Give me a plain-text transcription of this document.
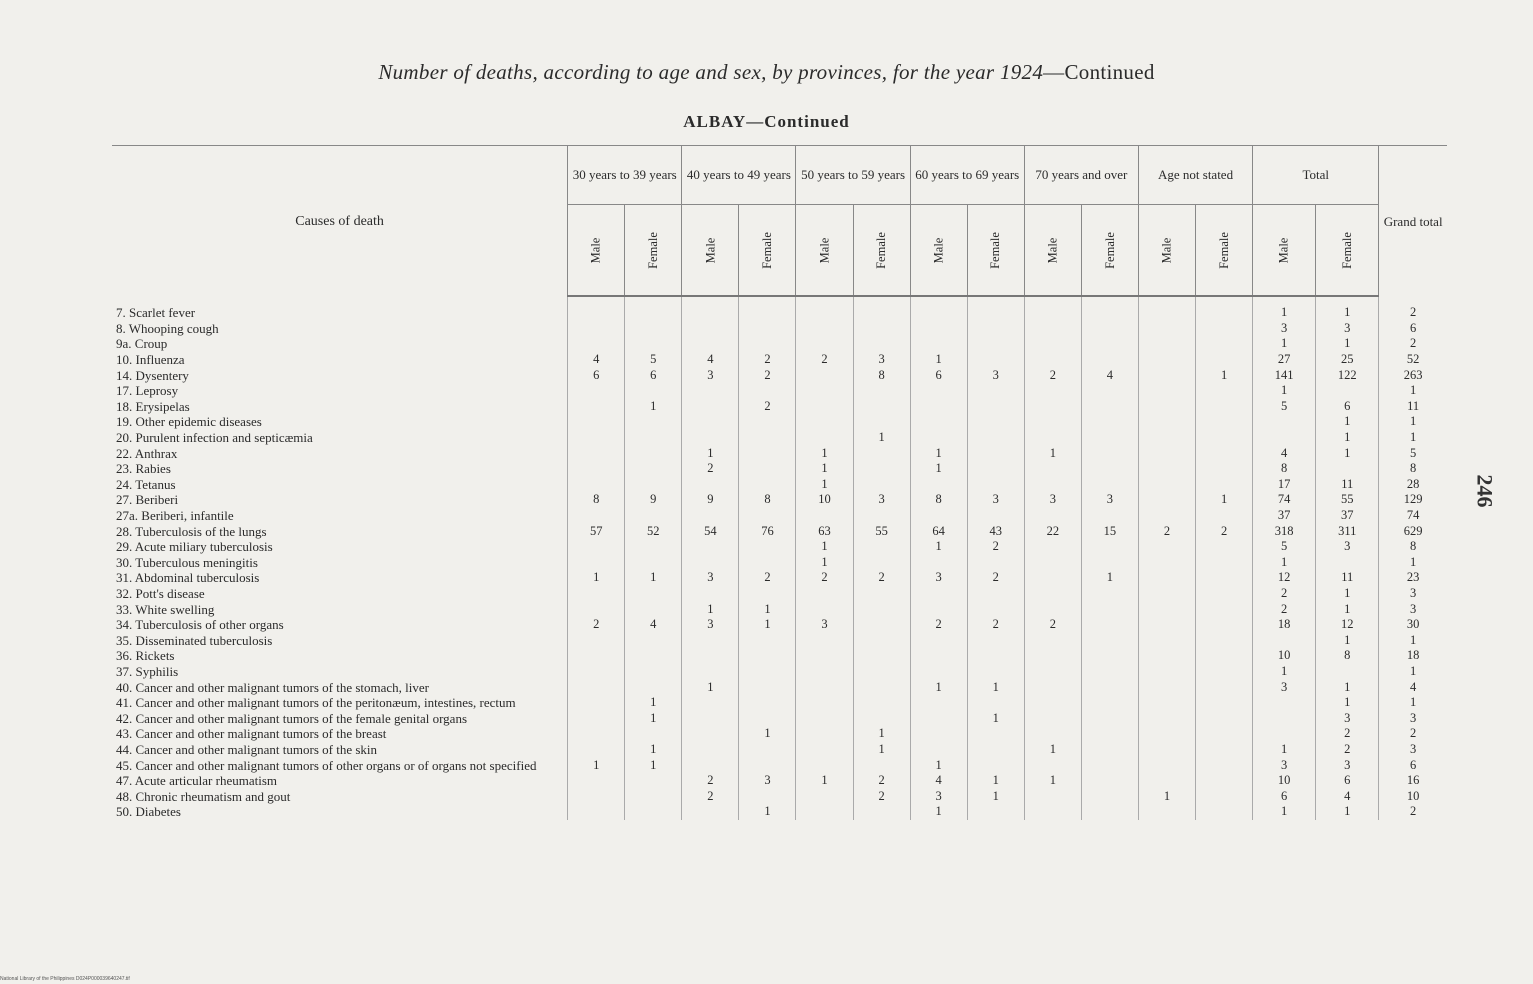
Number of deaths, according to age and sex, by provinces, for the year 1924—Continued
ALBAY—Continued
246
National Library of the Philippines D024P000039640247.tif
Causes of death	30 years to 39 years		40 years to 49 years		50 years to 59 years		60 years to 69 years		70 years and over		Age not stated		Total		Grand total
	Male	Female	Male	Female	Male	Female	Male	Female	Male	Female	Male	Female	Male	Female	
7. Scarlet fever													1	1	2
8. Whooping cough													3	3	6
9a. Croup													1	1	2
10. Influenza	4	5	4	2	2	3	1						27	25	52
14. Dysentery	6	6	3	2		8	6	3	2	4		1	141	122	263
17. Leprosy													1		1
18. Erysipelas		1		2									5	6	11
19. Other epidemic diseases														1	1
20. Purulent infection and septicæmia						1								1	1
22. Anthrax			1		1		1		1				4	1	5
23. Rabies			2		1		1						8		8
24. Tetanus					1								17	11	28
27. Beriberi	8	9	9	8	10	3	8	3	3	3		1	74	55	129
27a. Beriberi, infantile													37	37	74
28. Tuberculosis of the lungs	57	52	54	76	63	55	64	43	22	15	2	2	318	311	629
29. Acute miliary tuberculosis					1		1	2					5	3	8
30. Tuberculous meningitis					1								1		1
31. Abdominal tuberculosis	1	1	3	2	2	2	3	2		1			12	11	23
32. Pott's disease													2	1	3
33. White swelling			1	1									2	1	3
34. Tuberculosis of other organs	2	4	3	1	3		2	2	2				18	12	30
35. Disseminated tuberculosis														1	1
36. Rickets													10	8	18
37. Syphilis													1		1
40. Cancer and other malignant tumors of the stomach, liver			1				1	1					3	1	4
41. Cancer and other malignant tumors of the peritonæum, intestines, rectum		1												1	1
42. Cancer and other malignant tumors of the female genital organs		1						1						3	3
43. Cancer and other malignant tumors of the breast				1		1								2	2
44. Cancer and other malignant tumors of the skin		1				1			1				1	2	3
45. Cancer and other malignant tumors of other organs or of organs not specified	1	1					1						3	3	6
47. Acute articular rheumatism			2	3	1	2	4	1	1				10	6	16
48. Chronic rheumatism and gout			2			2	3	1			1		6	4	10
50. Diabetes				1			1						1	1	2
